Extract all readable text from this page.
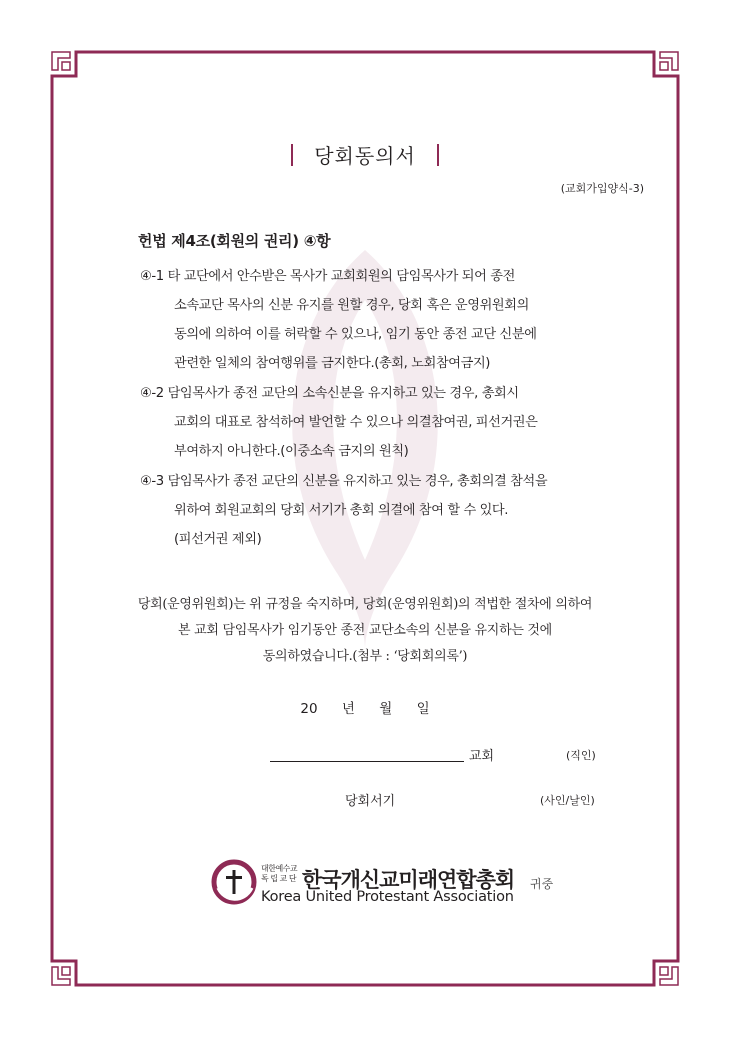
당회동의서
(교회가입양식-3)
헌법 제4조(회원의 권리) ④항
④-1 타 교단에서 안수받은 목사가 교회회원의 담임목사가 되어 종전
소속교단 목사의 신분 유지를 원할 경우, 당회 혹은 운영위원회의
동의에 의하여 이를 허락할 수 있으나, 임기 동안 종전 교단 신분에
관련한 일체의 참여행위를 금지한다.(총회, 노회참여금지)
④-2 담임목사가 종전 교단의 소속신분을 유지하고 있는 경우, 총회시
교회의 대표로 참석하여 발언할 수 있으나 의결참여권, 피선거권은
부여하지 아니한다.(이중소속 금지의 원칙)
④-3 담임목사가 종전 교단의 신분을 유지하고 있는 경우, 총회의결 참석을
위하여 회원교회의 당회 서기가 총회 의결에 참여 할 수 있다.
(피선거권 제외)
당회(운영위원회)는 위 규정을 숙지하며, 당회(운영위원회)의 적법한 절차에 의하여
본 교회 담임목사가 임기동안 종전 교단소속의 신분을 유지하는 것에
동의하였습니다.(첨부 : ‘당회회의록’)
20 년 월 일
교회	(직인)
당회서기	(사인/날인)
대한예수교
독 립 교 단 한국개신교미래연합총회
Korea United Protestant Association
귀중
